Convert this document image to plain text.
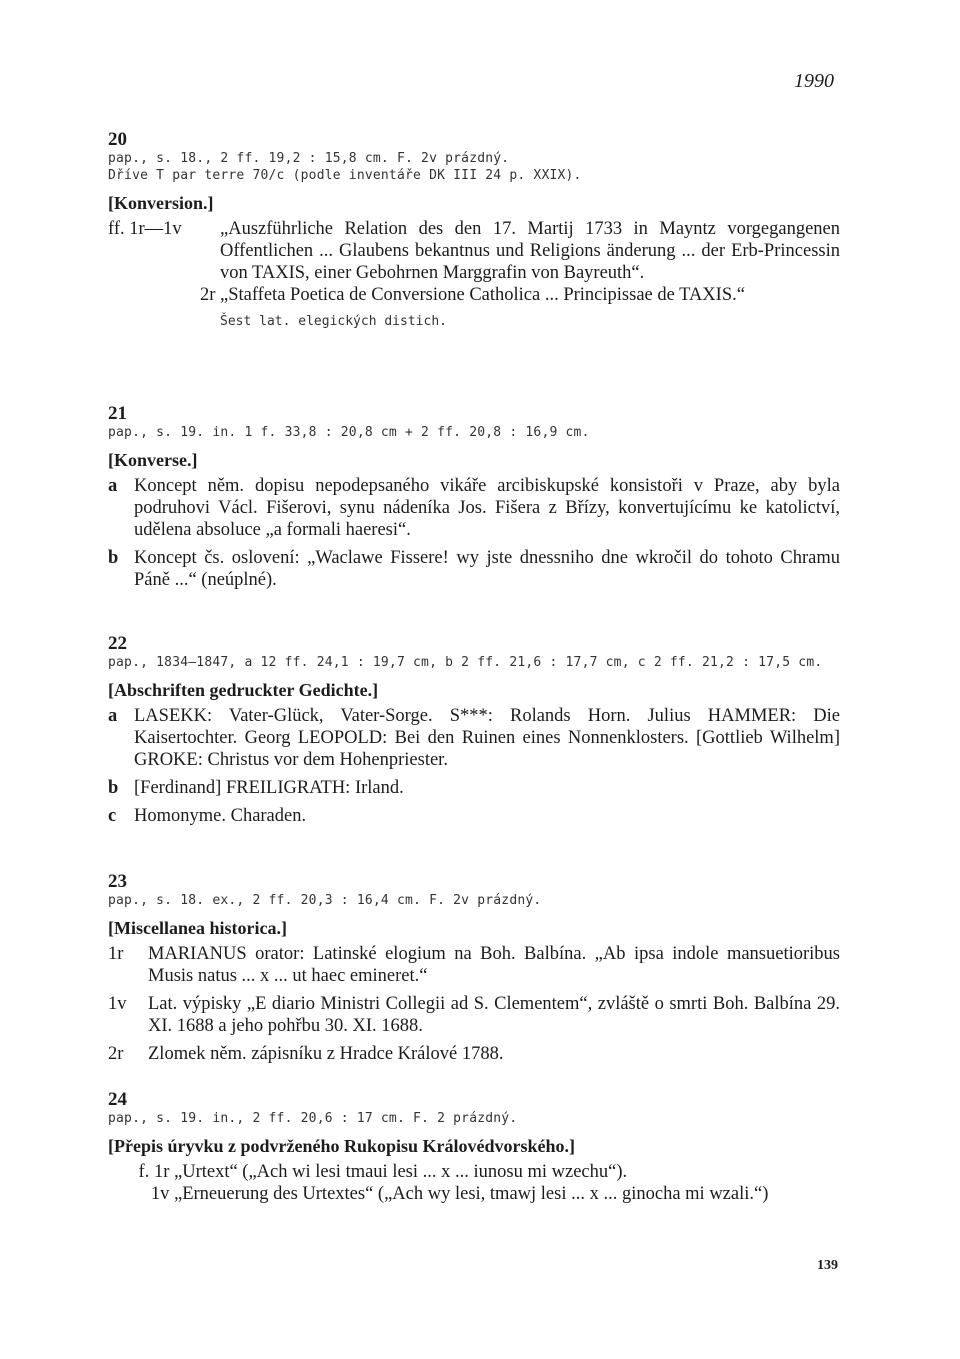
1990
20
pap., s. 18., 2 ff. 19,2 : 15,8 cm. F. 2v prázdný.
Dříve T par terre 70/c (podle inventáře DK III 24 p. XXIX).
[Konversion.]
ff. 1r—1v	„Auszführliche Relation des den 17. Martij 1733 in Mayntz vorgegangenen Offentlichen ... Glaubens bekantnus und Religions änderung ... der Erb-Princessin von TAXIS, einer Gebohrnen Marggrafin von Bayreuth“.
2r „Staffeta Poetica de Conversione Catholica ... Principissae de TAXIS.“
Šest lat. elegických distich.
21
pap., s. 19. in. 1 f. 33,8 : 20,8 cm + 2 ff. 20,8 : 16,9 cm.
[Konverse.]
a Koncept něm. dopisu nepodepsaného vikáře arcibiskupské konsistoři v Praze, aby byla podruhovi Václ. Fišerovi, synu nádeníka Jos. Fišera z Břízy, konvertujícímu ke katolictví, udělena absoluce „a formali haeresi“.
b Koncept čs. oslovení: „Waclawe Fissere! wy jste dnessniho dne wkročil do tohoto Chramu Páně ...“ (neúplné).
22
pap., 1834—1847, a 12 ff. 24,1 : 19,7 cm, b 2 ff. 21,6 : 17,7 cm, c 2 ff. 21,2 : 17,5 cm.
[Abschriften gedruckter Gedichte.]
a LASEKK: Vater-Glück, Vater-Sorge. S***: Rolands Horn. Julius HAMMER: Die Kaisertochter. Georg LEOPOLD: Bei den Ruinen eines Nonnenklosters. [Gottlieb Wilhelm] GROKE: Christus vor dem Hohenpriester.
b [Ferdinand] FREILIGRATH: Irland.
c Homonyme. Charaden.
23
pap., s. 18. ex., 2 ff. 20,3 : 16,4 cm. F. 2v prázdný.
[Miscellanea historica.]
1r	MARIANUS orator: Latinské elogium na Boh. Balbína. „Ab ipsa indole mansuetioribus Musis natus ... x ... ut haec emineret.“
1v Lat. výpisky „E diario Ministri Collegii ad S. Clementem“, zvláště o smrti Boh. Balbína 29. XI. 1688 a jeho pohřbu 30. XI. 1688.
2r	Zlomek něm. zápisníku z Hradce Králové 1788.
24
pap., s. 19. in., 2 ff. 20,6 : 17 cm. F. 2 prázdný.
[Přepis úryvku z podvrženého Rukopisu Královédvorského.]
f. 1r „Urtext“ („Ach wi lesi tmaui lesi ... x ... iunosu mi wzechu“).
1v „Erneuerung des Urtextes“ („Ach wy lesi, tmawj lesi ... x ... ginocha mi wzali.“)
139
